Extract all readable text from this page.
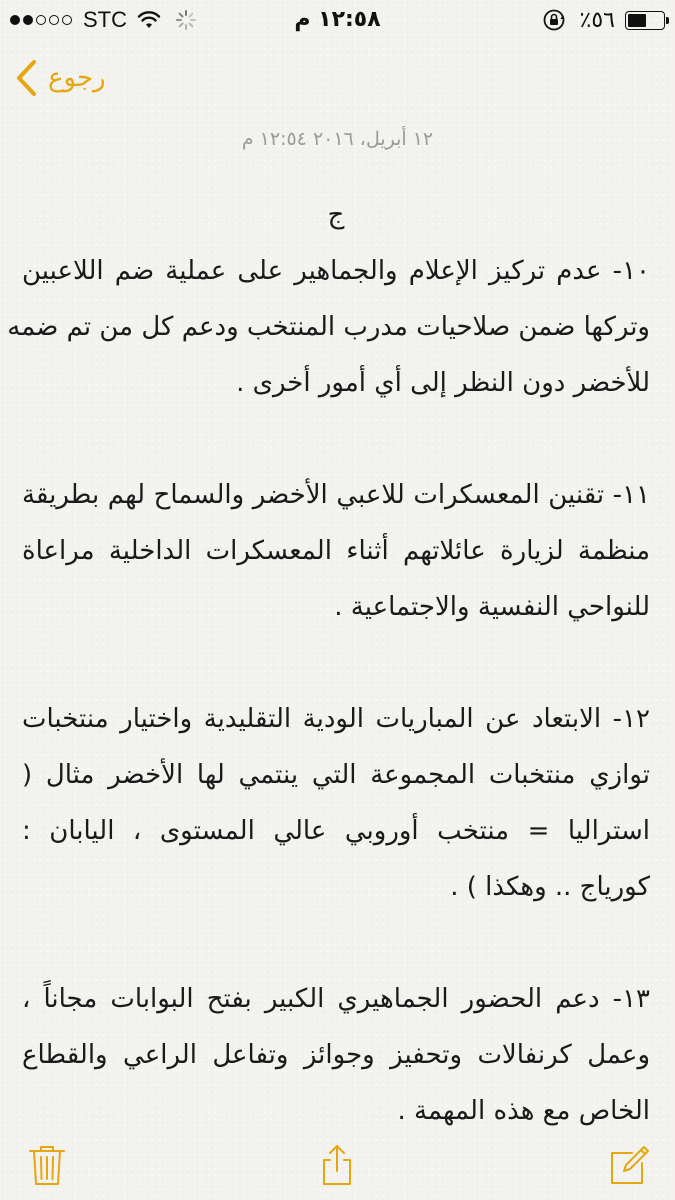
STC	١٢:٥٨ م	٥٦٪
رجوع
١٢ أبريل، ٢٠١٦ ١٢:٥٤ م
ج
١٠- عدم تركيز الإعلام والجماهير على عملية ضم اللاعبين
وتركها ضمن صلاحيات مدرب المنتخب ودعم كل من تم ضمه
للأخضر دون النظر إلى أي أمور أخرى .
١١- تقنين المعسكرات للاعبي الأخضر والسماح لهم بطريقة
منظمة لزيارة عائلاتهم أثناء المعسكرات الداخلية مراعاة
للنواحي النفسية والاجتماعية .
١٢- الابتعاد عن المباريات الودية التقليدية واختيار منتخبات
توازي منتخبات المجموعة التي ينتمي لها الأخضر مثال (
استراليا = منتخب أوروبي عالي المستوى ، اليابان :
كورياج .. وهكذا ) .
١٣- دعم الحضور الجماهيري الكبير بفتح البوابات مجاناً ،
وعمل كرنفالات وتحفيز وجوائز وتفاعل الراعي والقطاع
الخاص مع هذه المهمة .
